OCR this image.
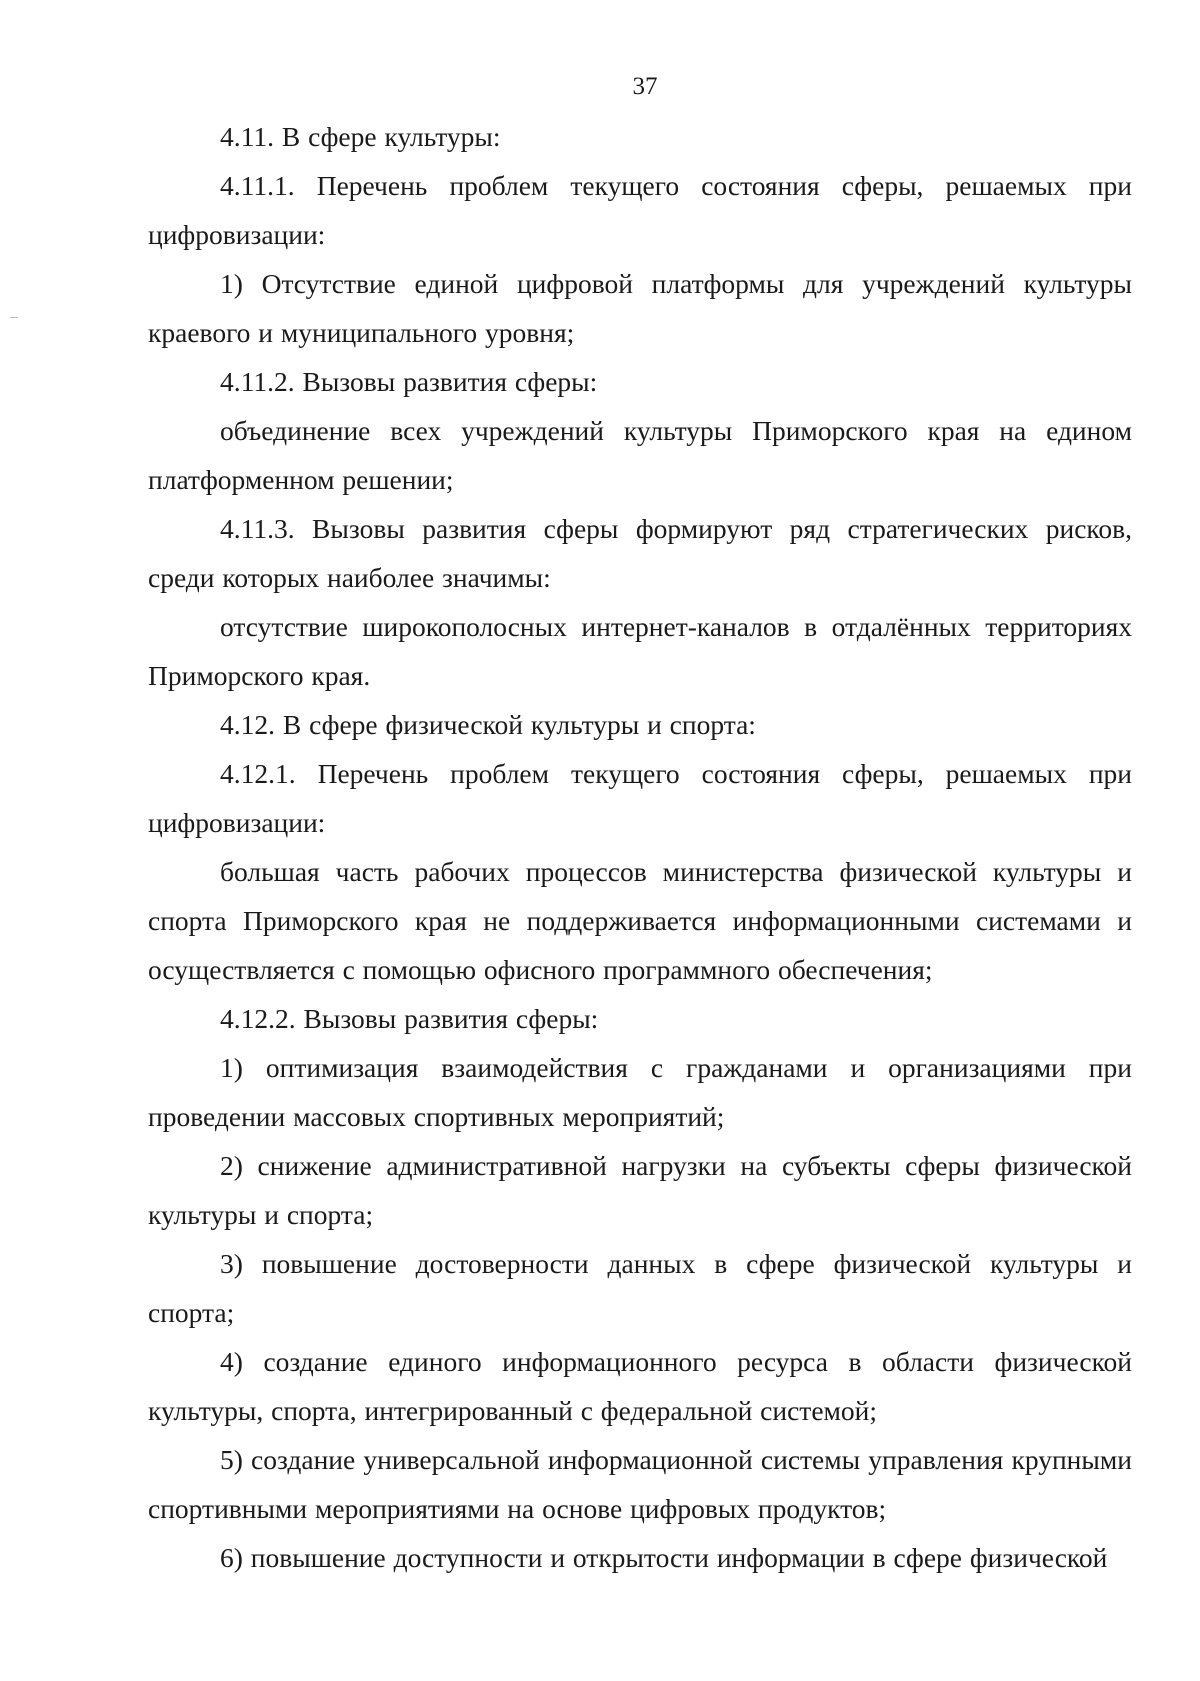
37

4.11. В сфере культуры:

4.11.1. Перечень проблем текущего состояния сферы, решаемых при цифровизации:

1) Отсутствие единой цифровой платформы для учреждений культуры краевого и муниципального уровня;

4.11.2. Вызовы развития сферы:

объединение всех учреждений культуры Приморского края на едином платформенном решении;

4.11.3. Вызовы развития сферы формируют ряд стратегических рисков, среди которых наиболее значимы:

отсутствие широкополосных интернет-каналов в отдалённых территориях Приморского края.

4.12. В сфере физической культуры и спорта:

4.12.1. Перечень проблем текущего состояния сферы, решаемых при цифровизации:

большая часть рабочих процессов министерства физической культуры и спорта Приморского края не поддерживается информационными системами и осуществляется с помощью офисного программного обеспечения;

4.12.2. Вызовы развития сферы:

1) оптимизация взаимодействия с гражданами и организациями при проведении массовых спортивных мероприятий;

2) снижение административной нагрузки на субъекты сферы физической культуры и спорта;

3) повышение достоверности данных в сфере физической культуры и спорта;

4) создание единого информационного ресурса в области физической культуры, спорта, интегрированный с федеральной системой;

5) создание универсальной информационной системы управления крупными спортивными мероприятиями на основе цифровых продуктов;

6) повышение доступности и открытости информации в сфере физической
